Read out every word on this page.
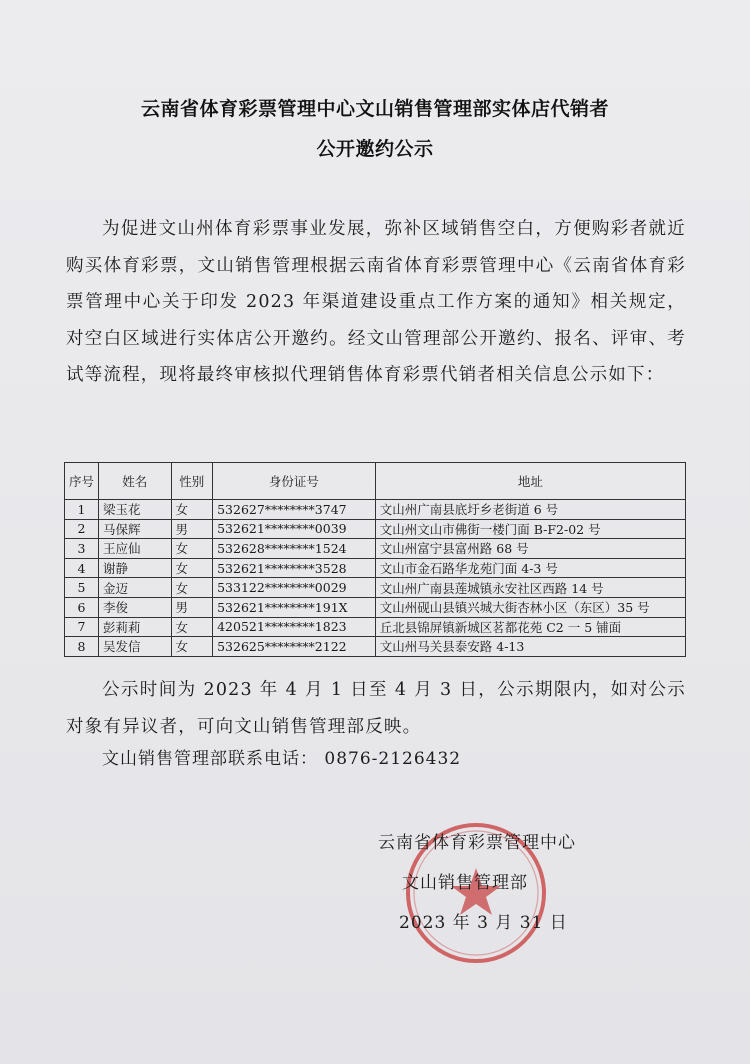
云南省体育彩票管理中心文山销售管理部实体店代销者
公开邀约公示
为促进文山州体育彩票事业发展，弥补区域销售空白，方便购彩者就近购买体育彩票，文山销售管理根据云南省体育彩票管理中心《云南省体育彩票管理中心关于印发 2023 年渠道建设重点工作方案的通知》相关规定，对空白区域进行实体店公开邀约。经文山管理部公开邀约、报名、评审、考试等流程，现将最终审核拟代理销售体育彩票代销者相关信息公示如下：
序号	姓名	性别	身份证号	地址
1	梁玉花	女	532627********3747	文山州广南县底圩乡老街道 6 号
2	马保辉	男	532621********0039	文山州文山市佛街一楼门面 B-F2-02 号
3	王应仙	女	532628********1524	文山州富宁县富州路 68 号
4	谢静	女	532621********3528	文山市金石路华龙苑门面 4-3 号
5	金迈	女	533122********0029	文山州广南县莲城镇永安社区西路 14 号
6	李俊	男	532621********191X	文山州砚山县镇兴城大街杏林小区（东区）35 号
7	彭莉莉	女	420521********1823	丘北县锦屏镇新城区茗都花苑 C2 一 5 铺面
8	吴发信	女	532625********2122	文山州马关县泰安路 4-13
公示时间为 2023 年 4 月 1 日至 4 月 3 日，公示期限内，如对公示对象有异议者，可向文山销售管理部反映。
文山销售管理部联系电话： 0876-2126432
云南省体育彩票管理中心
文山销售管理部
2023 年 3 月 31 日
